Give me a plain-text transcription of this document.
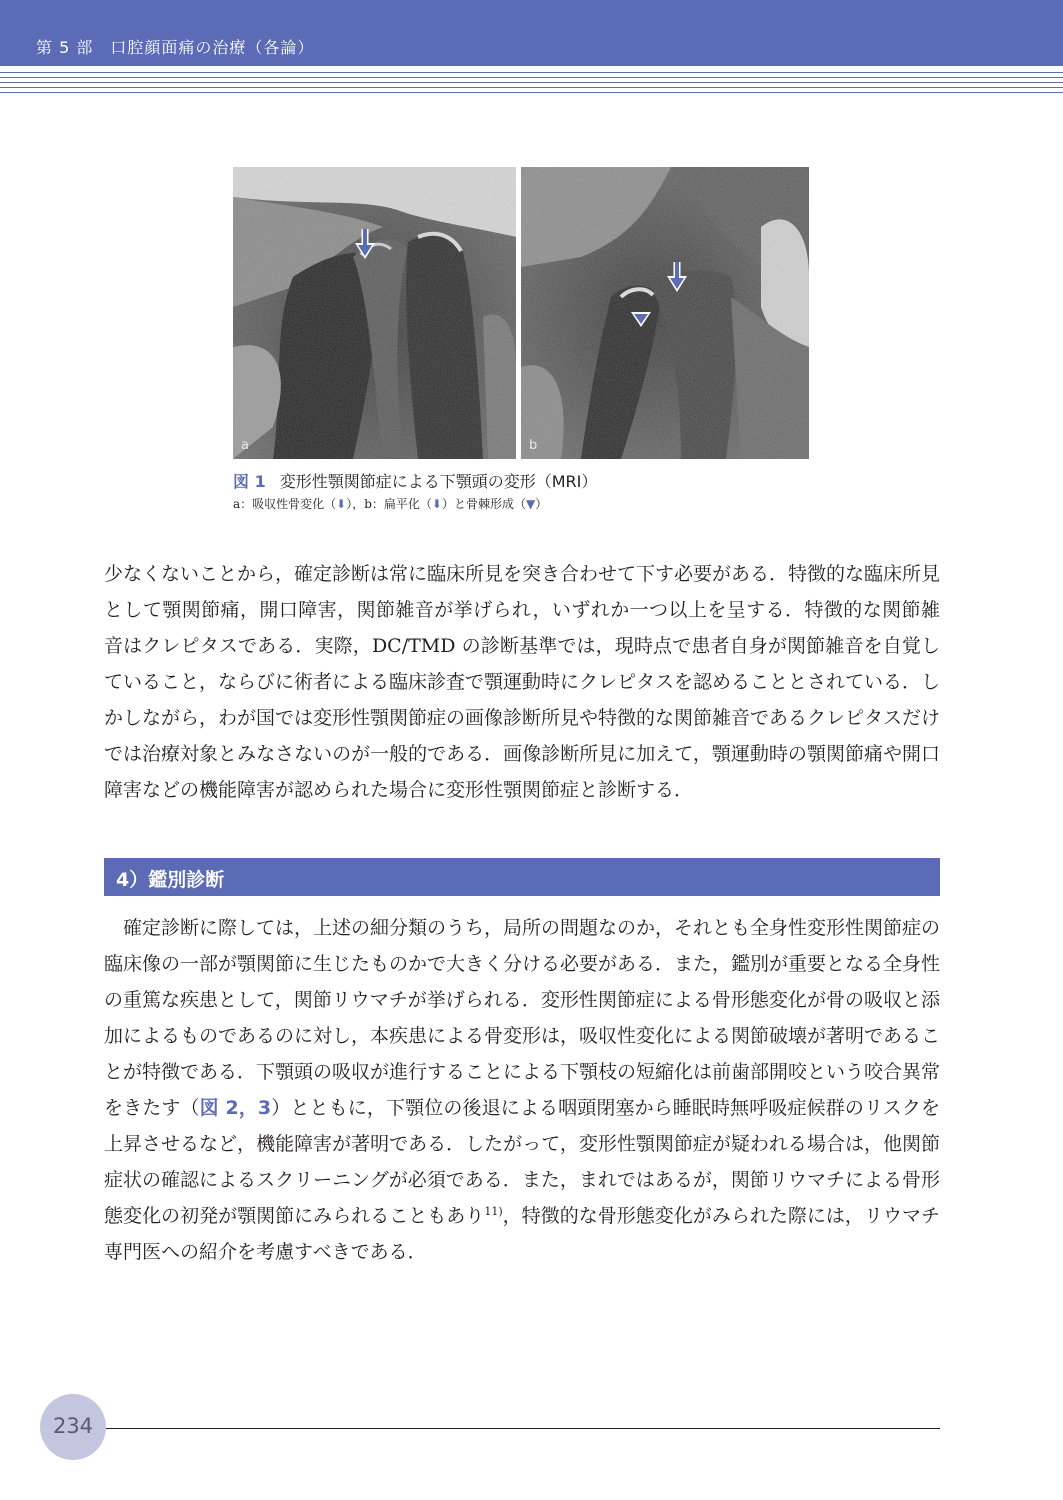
第 5 部　口腔顔面痛の治療（各論）
a	b
図 1 変形性顎関節症による下顎頭の変形（MRI）
a：吸収性骨変化（⬇），b：扁平化（⬇）と骨棘形成（▼）

少なくないことから，確定診断は常に臨床所見を突き合わせて下す必要がある．特徴的な臨床所見として顎関節痛，開口障害，関節雑音が挙げられ，いずれか一つ以上を呈する．特徴的な関節雑音はクレピタスである．実際，DC/TMD の診断基準では，現時点で患者自身が関節雑音を自覚していること，ならびに術者による臨床診査で顎運動時にクレピタスを認めることとされている．しかしながら，わが国では変形性顎関節症の画像診断所見や特徴的な関節雑音であるクレピタスだけでは治療対象とみなさないのが一般的である．画像診断所見に加えて，顎運動時の顎関節痛や開口障害などの機能障害が認められた場合に変形性顎関節症と診断する．

4）鑑別診断

確定診断に際しては，上述の細分類のうち，局所の問題なのか，それとも全身性変形性関節症の臨床像の一部が顎関節に生じたものかで大きく分ける必要がある．また，鑑別が重要となる全身性の重篤な疾患として，関節リウマチが挙げられる．変形性関節症による骨形態変化が骨の吸収と添加によるものであるのに対し，本疾患による骨変形は，吸収性変化による関節破壊が著明であることが特徴である．下顎頭の吸収が進行することによる下顎枝の短縮化は前歯部開咬という咬合異常をきたす（図 2，3）とともに，下顎位の後退による咽頭閉塞から睡眠時無呼吸症候群のリスクを上昇させるなど，機能障害が著明である．したがって，変形性顎関節症が疑われる場合は，他関節症状の確認によるスクリーニングが必須である．また，まれではあるが，関節リウマチによる骨形態変化の初発が顎関節にみられることもあり$^{11)}$，特徴的な骨形態変化がみられた際には，リウマチ専門医への紹介を考慮すべきである．

234
